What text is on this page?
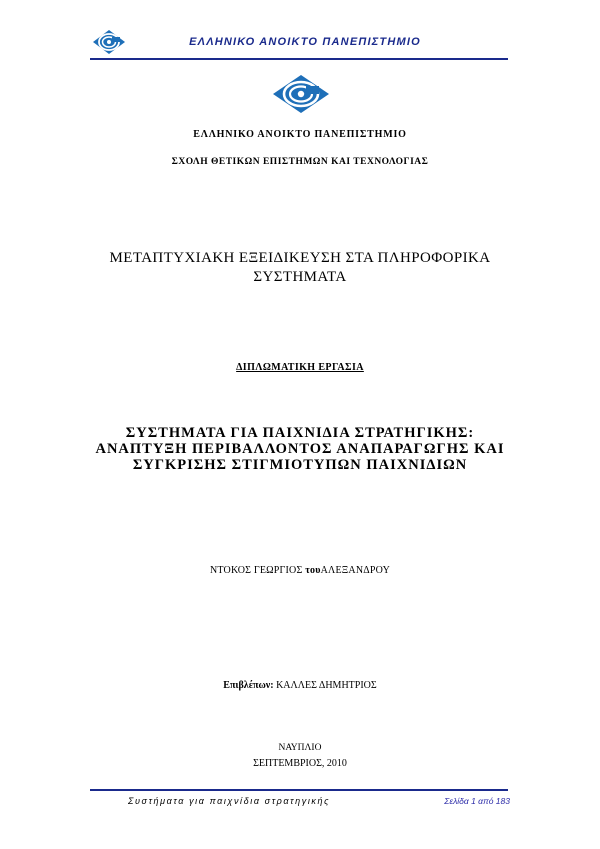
ΕΛΛΗΝΙΚΟ ΑΝΟΙΚΤΟ ΠΑΝΕΠΙΣΤΗΜΙΟ
ΕΛΛΗΝΙΚΟ ΑΝΟΙΚΤΟ ΠΑΝΕΠΙΣΤΗΜΙΟ
ΣΧΟΛΗ ΘΕΤΙΚΩΝ ΕΠΙΣΤΗΜΩΝ ΚΑΙ ΤΕΧΝΟΛΟΓΙΑΣ
ΜΕΤΑΠΤΥΧΙΑΚΗ ΕΞΕΙΔΙΚΕΥΣΗ ΣΤΑ ΠΛΗΡΟΦΟΡΙΚΑ
ΣΥΣΤΗΜΑΤΑ
ΔΙΠΛΩΜΑΤΙΚΗ ΕΡΓΑΣΙΑ
ΣΥΣΤΗΜΑΤΑ ΓΙΑ ΠΑΙΧΝΙΔΙΑ ΣΤΡΑΤΗΓΙΚΗΣ:
ΑΝΑΠΤΥΞΗ ΠΕΡΙΒΑΛΛΟΝΤΟΣ ΑΝΑΠΑΡΑΓΩΓΗΣ ΚΑΙ
ΣΥΓΚΡΙΣΗΣ ΣΤΙΓΜΙΟΤΥΠΩΝ ΠΑΙΧΝΙΔΙΩΝ
ΝΤΟΚΟΣ ΓΕΩΡΓΙΟΣ τουΑΛΕΞΑΝΔΡΟΥ
Επιβλέπων: ΚΑΛΛΕΣ ΔΗΜΗΤΡΙΟΣ
ΝΑΥΠΛΙΟ
ΣΕΠΤΕΜΒΡΙΟΣ, 2010
Συστήματα για παιχνίδια στρατηγικής	Σελίδα 1 από 183
